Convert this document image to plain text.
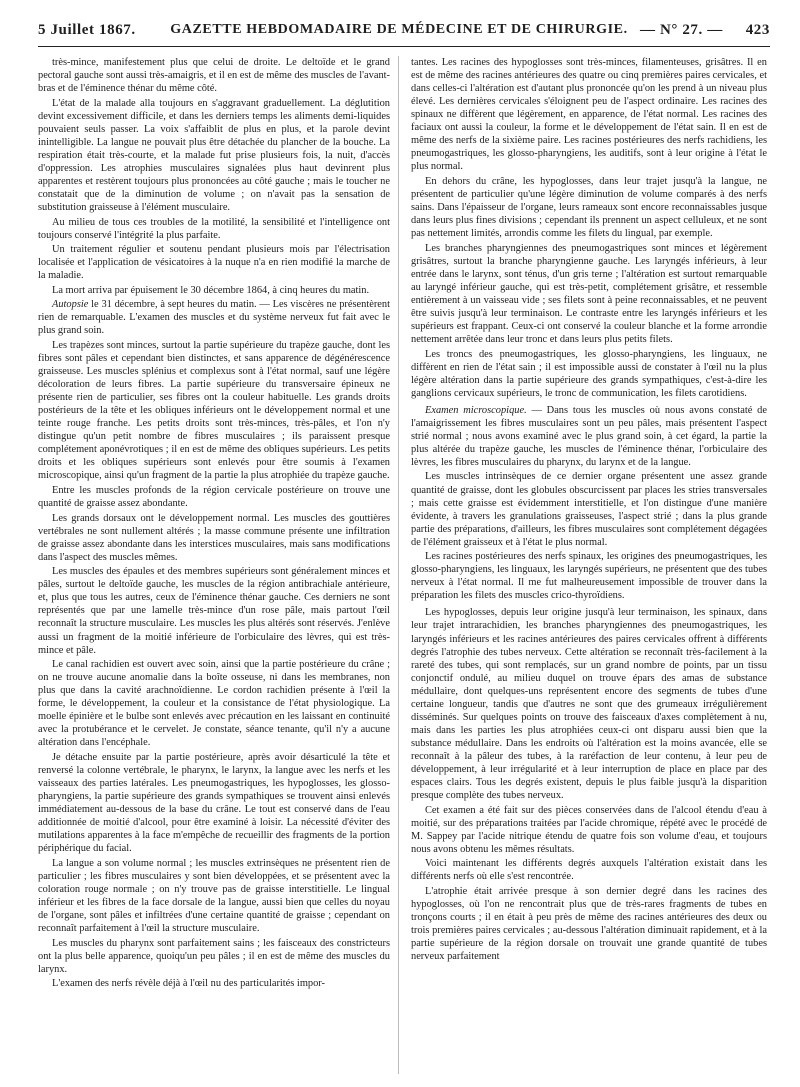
5 Juillet 1867.	GAZETTE HEBDOMADAIRE DE MÉDECINE ET DE CHIRURGIE. — N° 27. — 423

très-mince, manifestement plus que celui de droite. Le deltoïde et le grand pectoral gauche sont aussi très-amaigris, et il en est de même des muscles de l'avant-bras et de l'éminence thénar du même côté.

L'état de la malade alla toujours en s'aggravant graduellement. La déglutition devint excessivement difficile, et dans les derniers temps les aliments demi-liquides pouvaient seuls passer. La voix s'affaiblit de plus en plus, et la parole devint inintelligible. La langue ne pouvait plus être détachée du plancher de la bouche. La respiration était très-courte, et la malade fut prise plusieurs fois, la nuit, d'accès d'oppression. Les atrophies musculaires signalées plus haut devinrent plus apparentes et restèrent toujours plus prononcées au côté gauche ; mais le toucher ne constatait que de la diminution de volume ; on n'avait pas la sensation de substitution graisseuse à l'élément musculaire.

Au milieu de tous ces troubles de la motilité, la sensibilité et l'intelligence ont toujours conservé l'intégrité la plus parfaite.

Un traitement régulier et soutenu pendant plusieurs mois par l'électrisation localisée et l'application de vésicatoires à la nuque n'a en rien modifié la marche de la maladie.

La mort arriva par épuisement le 30 décembre 1864, à cinq heures du matin.

Autopsie le 31 décembre, à sept heures du matin. — Les viscères ne présentèrent rien de remarquable. L'examen des muscles et du système nerveux fut fait avec le plus grand soin.

Les trapèzes sont minces, surtout la partie supérieure du trapèze gauche, dont les fibres sont pâles et cependant bien distinctes, et sans apparence de dégénérescence graisseuse. Les muscles splénius et complexus sont à l'état normal, sauf une légère décoloration de leurs fibres. La partie supérieure du transversaire épineux ne présente rien de particulier, ses fibres ont la couleur habituelle. Les grands droits postérieurs de la tête et les obliques inférieurs ont le développement normal et une teinte rouge franche. Les petits droits sont très-minces, très-pâles, et l'on n'y distingue qu'un petit nombre de fibres musculaires ; ils paraissent presque complétement aponévrotiques ; il en est de même des obliques supérieurs. Les petits droits et les obliques supérieurs sont enlevés pour être soumis à l'examen microscopique, ainsi qu'un fragment de la partie la plus atrophiée du trapèze gauche.

Entre les muscles profonds de la région cervicale postérieure on trouve une quantité de graisse assez abondante.

Les grands dorsaux ont le développement normal. Les muscles des gouttières vertébrales ne sont nullement altérés ; la masse commune présente une infiltration de graisse assez abondante dans les interstices musculaires, mais sans modifications dans l'aspect des muscles mêmes.

Les muscles des épaules et des membres supérieurs sont généralement minces et pâles, surtout le deltoïde gauche, les muscles de la région antibrachiale antérieure, et, plus que tous les autres, ceux de l'éminence thénar gauche. Ces derniers ne sont représentés que par une lamelle très-mince d'un rose pâle, mais partout l'œil reconnaît la structure musculaire. Les muscles les plus altérés sont réservés. J'enlève aussi un fragment de la moitié inférieure de l'orbiculaire des lèvres, qui est très-mince et pâle.

Le canal rachidien est ouvert avec soin, ainsi que la partie postérieure du crâne ; on ne trouve aucune anomalie dans la boîte osseuse, ni dans les membranes, non plus que dans la cavité arachnoïdienne. Le cordon rachidien présente à l'œil la forme, le développement, la couleur et la consistance de l'état physiologique. La moelle épinière et le bulbe sont enlevés avec précaution en les laissant en continuité avec la protubérance et le cervelet. Je constate, séance tenante, qu'il n'y a aucune altération dans l'encéphale.

Je détache ensuite par la partie postérieure, après avoir désarticulé la tête et renversé la colonne vertébrale, le pharynx, le larynx, la langue avec les nerfs et les vaisseaux des parties latérales. Les pneumogastriques, les hypoglosses, les glosso-pharyngiens, la partie supérieure des grands sympathiques se trouvent ainsi enlevés immédiatement au-dessous de la base du crâne. Le tout est conservé dans de l'eau additionnée de moitié d'alcool, pour être examiné à loisir. La nécessité d'éviter des mutilations apparentes à la face m'empêche de recueillir des fragments de la portion périphérique du facial.

La langue a son volume normal ; les muscles extrinsèques ne présentent rien de particulier ; les fibres musculaires y sont bien développées, et se présentent avec la coloration rouge normale ; on n'y trouve pas de graisse interstitielle. Le lingual inférieur et les fibres de la face dorsale de la langue, aussi bien que celles du noyau de l'organe, sont pâles et infiltrées d'une certaine quantité de graisse ; cependant on reconnaît parfaitement à l'œil la structure musculaire.

Les muscles du pharynx sont parfaitement sains ; les faisceaux des constricteurs ont la plus belle apparence, quoiqu'un peu pâles ; il en est de même des muscles du larynx.

L'examen des nerfs révèle déjà à l'œil nu des particularités impor-

tantes. Les racines des hypoglosses sont très-minces, filamenteuses, grisâtres. Il en est de même des racines antérieures des quatre ou cinq premières paires cervicales, et dans celles-ci l'altération est d'autant plus prononcée qu'on les prend à un niveau plus élevé. Les dernières cervicales s'éloignent peu de l'aspect ordinaire. Les racines des spinaux ne diffèrent que légèrement, en apparence, de l'état normal. Les racines des faciaux ont aussi la couleur, la forme et le développement de l'état sain. Il en est de même des nerfs de la sixième paire. Les racines postérieures des nerfs rachidiens, les pneumogastriques, les glosso-pharyngiens, les auditifs, sont à leur origine à l'état le plus normal.

En dehors du crâne, les hypoglosses, dans leur trajet jusqu'à la langue, ne présentent de particulier qu'une légère diminution de volume comparés à des nerfs sains. Dans l'épaisseur de l'organe, leurs rameaux sont encore reconnaissables jusque dans leurs plus fines divisions ; cependant ils prennent un aspect celluleux, et ne sont pas nettement limités, arrondis comme les filets du lingual, par exemple.

Les branches pharyngiennes des pneumogastriques sont minces et légèrement grisâtres, surtout la branche pharyngienne gauche. Les laryngés inférieurs, à leur entrée dans le larynx, sont ténus, d'un gris terne ; l'altération est surtout remarquable au laryngé inférieur gauche, qui est très-petit, complétement grisâtre, et ressemble entièrement à un vaisseau vide ; ses filets sont à peine reconnaissables, et ne peuvent être suivis jusqu'à leur terminaison. Le contraste entre les laryngés inférieurs et les supérieurs est frappant. Ceux-ci ont conservé la couleur blanche et la forme arrondie nettement arrêtée dans leur tronc et dans leurs plus petits filets.

Les troncs des pneumogastriques, les glosso-pharyngiens, les linguaux, ne diffèrent en rien de l'état sain ; il est impossible aussi de constater à l'œil nu la plus légère altération dans la partie supérieure des grands sympathiques, c'est-à-dire les ganglions cervicaux supérieurs, le tronc de communication, les filets carotidiens.

Examen microscopique. — Dans tous les muscles où nous avons constaté de l'amaigrissement les fibres musculaires sont un peu pâles, mais présentent l'aspect strié normal ; nous avons examiné avec le plus grand soin, à cet égard, la partie la plus altérée du trapèze gauche, les muscles de l'éminence thénar, l'orbiculaire des lèvres, les fibres musculaires du pharynx, du larynx et de la langue.

Les muscles intrinsèques de ce dernier organe présentent une assez grande quantité de graisse, dont les globules obscurcissent par places les stries transversales ; mais cette graisse est évidemment interstitielle, et l'on distingue d'une manière évidente, à travers les granulations graisseuses, l'aspect strié ; dans la plus grande partie des préparations, d'ailleurs, les fibres musculaires sont complétement dégagées de l'élément graisseux et à l'état le plus normal.

Les racines postérieures des nerfs spinaux, les origines des pneumogastriques, les glosso-pharyngiens, les linguaux, les laryngés supérieurs, ne présentent que des tubes nerveux à l'état normal. Il me fut malheureusement impossible de trouver dans la préparation les filets des muscles crico-thyroïdiens.

Les hypoglosses, depuis leur origine jusqu'à leur terminaison, les spinaux, dans leur trajet intrarachidien, les branches pharyngiennes des pneumogastriques, les laryngés inférieurs et les racines antérieures des paires cervicales offrent à différents degrés l'atrophie des tubes nerveux. Cette altération se reconnaît très-facilement à la rareté des tubes, qui sont remplacés, sur un grand nombre de points, par un tissu conjonctif ondulé, au milieu duquel on trouve épars des amas de substance médullaire, dont quelques-uns représentent encore des segments de tubes d'une certaine longueur, tandis que d'autres ne sont que des grumeaux irrégulièrement disséminés. Sur quelques points on trouve des faisceaux d'axes complètement à nu, mais dans les parties les plus atrophiées ceux-ci ont disparu aussi bien que la substance médullaire. Dans les endroits où l'altération est la moins avancée, elle se reconnaît à la pâleur des tubes, à la raréfaction de leur contenu, à leur peu de développement, à leur irrégularité et à leur interruption de place en place par des espaces clairs. Tous les degrés existent, depuis le plus faible jusqu'à la disparition presque complète des tubes nerveux.

Cet examen a été fait sur des pièces conservées dans de l'alcool étendu d'eau à moitié, sur des préparations traitées par l'acide chromique, répété avec le procédé de M. Sappey par l'acide nitrique étendu de quatre fois son volume d'eau, et toujours nous avons obtenu les mêmes résultats.

Voici maintenant les différents degrés auxquels l'altération existait dans les différents nerfs où elle s'est rencontrée.

L'atrophie était arrivée presque à son dernier degré dans les racines des hypoglosses, où l'on ne rencontrait plus que de très-rares fragments de tubes en tronçons courts ; il en était à peu près de même des racines antérieures des deux ou trois premières paires cervicales ; au-dessous l'altération diminuait rapidement, et à la partie supérieure de la région dorsale on trouvait une grande quantité de tubes nerveux parfaitement
